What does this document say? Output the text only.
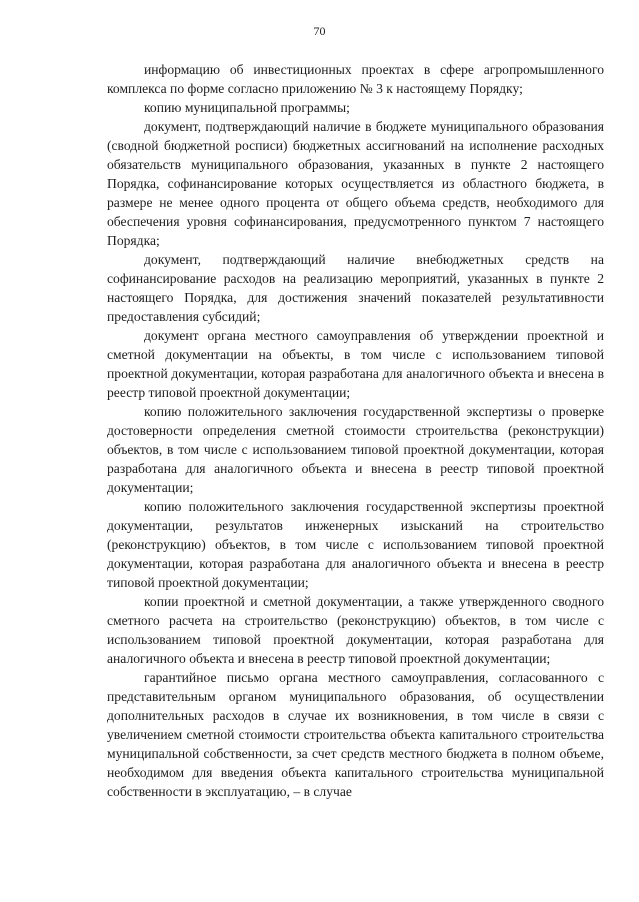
70

информацию об инвестиционных проектах в сфере агропромышленного комплекса по форме согласно приложению № 3 к настоящему Порядку;

копию муниципальной программы;

документ, подтверждающий наличие в бюджете муниципального образования (сводной бюджетной росписи) бюджетных ассигнований на исполнение расходных обязательств муниципального образования, указанных в пункте 2 настоящего Порядка, софинансирование которых осуществляется из областного бюджета, в размере не менее одного процента от общего объема средств, необходимого для обеспечения уровня софинансирования, предусмотренного пунктом 7 настоящего Порядка;

документ, подтверждающий наличие внебюджетных средств на софинансирование расходов на реализацию мероприятий, указанных в пункте 2 настоящего Порядка, для достижения значений показателей результативности предоставления субсидий;

документ органа местного самоуправления об утверждении проектной и сметной документации на объекты, в том числе с использованием типовой проектной документации, которая разработана для аналогичного объекта и внесена в реестр типовой проектной документации;

копию положительного заключения государственной экспертизы о проверке достоверности определения сметной стоимости строительства (реконструкции) объектов, в том числе с использованием типовой проектной документации, которая разработана для аналогичного объекта и внесена в реестр типовой проектной документации;

копию положительного заключения государственной экспертизы проектной документации, результатов инженерных изысканий на строительство (реконструкцию) объектов, в том числе с использованием типовой проектной документации, которая разработана для аналогичного объекта и внесена в реестр типовой проектной документации;

копии проектной и сметной документации, а также утвержденного сводного сметного расчета на строительство (реконструкцию) объектов, в том числе с использованием типовой проектной документации, которая разработана для аналогичного объекта и внесена в реестр типовой проектной документации;

гарантийное письмо органа местного самоуправления, согласованного с представительным органом муниципального образования, об осуществлении дополнительных расходов в случае их возникновения, в том числе в связи с увеличением сметной стоимости строительства объекта капитального строительства муниципальной собственности, за счет средств местного бюджета в полном объеме, необходимом для введения объекта капитального строительства муниципальной собственности в эксплуатацию, – в случае
